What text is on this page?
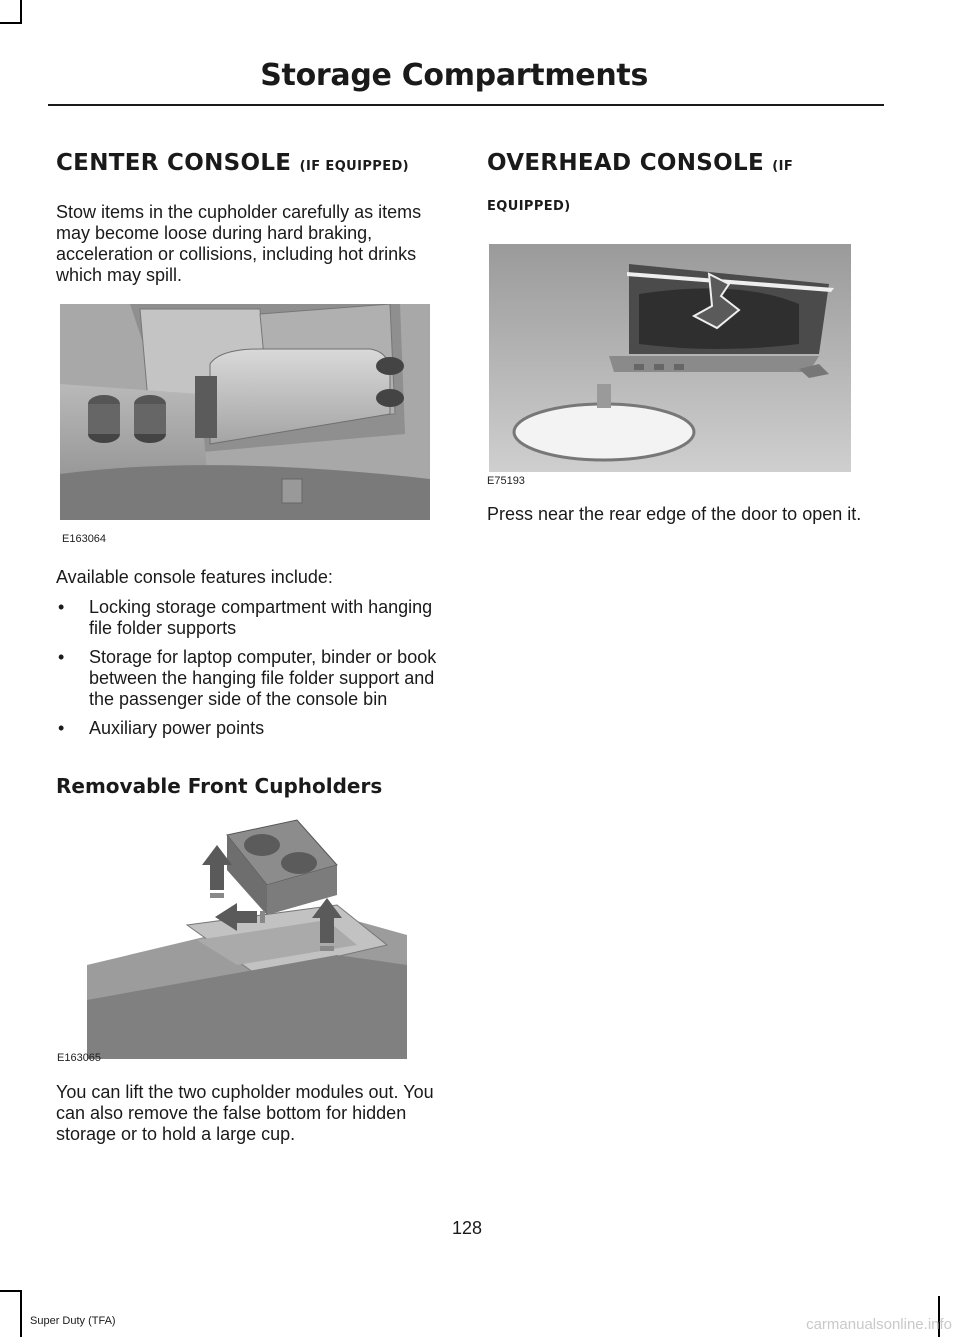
Storage Compartments
CENTER CONSOLE (IF EQUIPPED)

Stow items in the cupholder carefully as items may become loose during hard braking, acceleration or collisions, including hot drinks which may spill.

E163064

Available console features include:

• Locking storage compartment with hanging file folder supports
• Storage for laptop computer, binder or book between the hanging file folder support and the passenger side of the console bin
• Auxiliary power points
Removable Front Cupholders
E163065

You can lift the two cupholder modules out. You can also remove the false bottom for hidden storage or to hold a large cup.

OVERHEAD CONSOLE (IF
EQUIPPED)
E75193

Press near the rear edge of the door to open it.

128
Super Duty (TFA)	carmanualsonline.info
